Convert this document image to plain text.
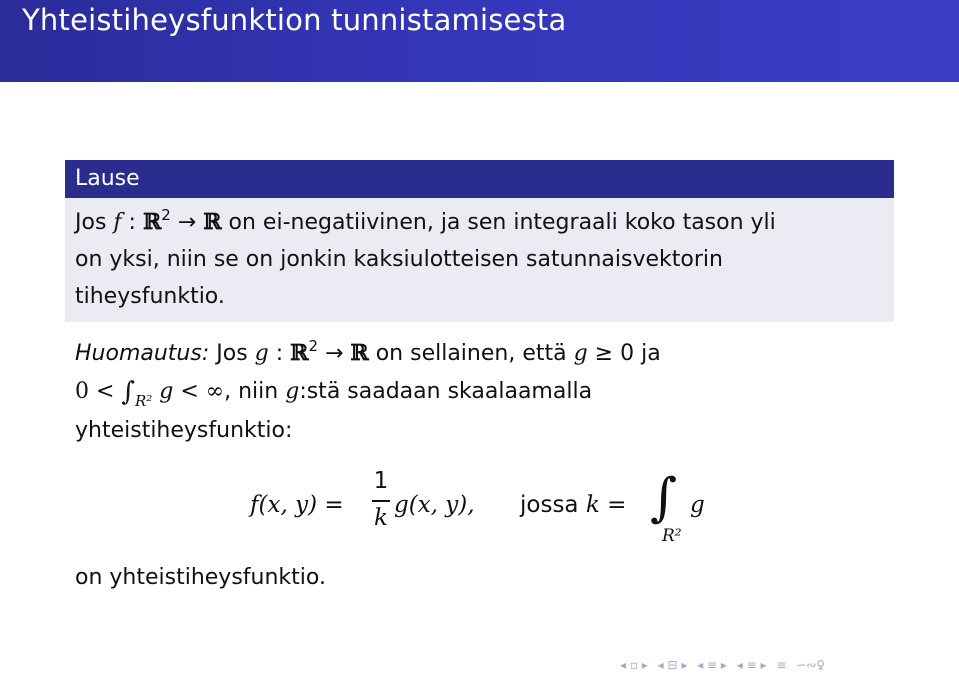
Yhteistiheysfunktion tunnistamisesta
Lause
Jos f : ℝ$^2$ → ℝ on ei-negatiivinen, ja sen integraali koko tason yli
on yksi, niin se on jonkin kaksiulotteisen satunnaisvektorin
tiheysfunktio.
Huomautus: Jos g : ℝ$^2$ → ℝ on sellainen, että g ≥ 0 ja
$0 < \int_{R^2}$ g < ∞, niin g:stä saadaan skaalaamalla
yhteistiheysfunktio:
f(x, y) =
1
k g(x, y), jossa k = ∫
R²
g
on yhteistiheysfunktio.
◂ ▫ ▸ ◂ ⊟ ▸ ◂ ≡ ▸ ◂ ≡ ▸ ≡ ∽∾♀
